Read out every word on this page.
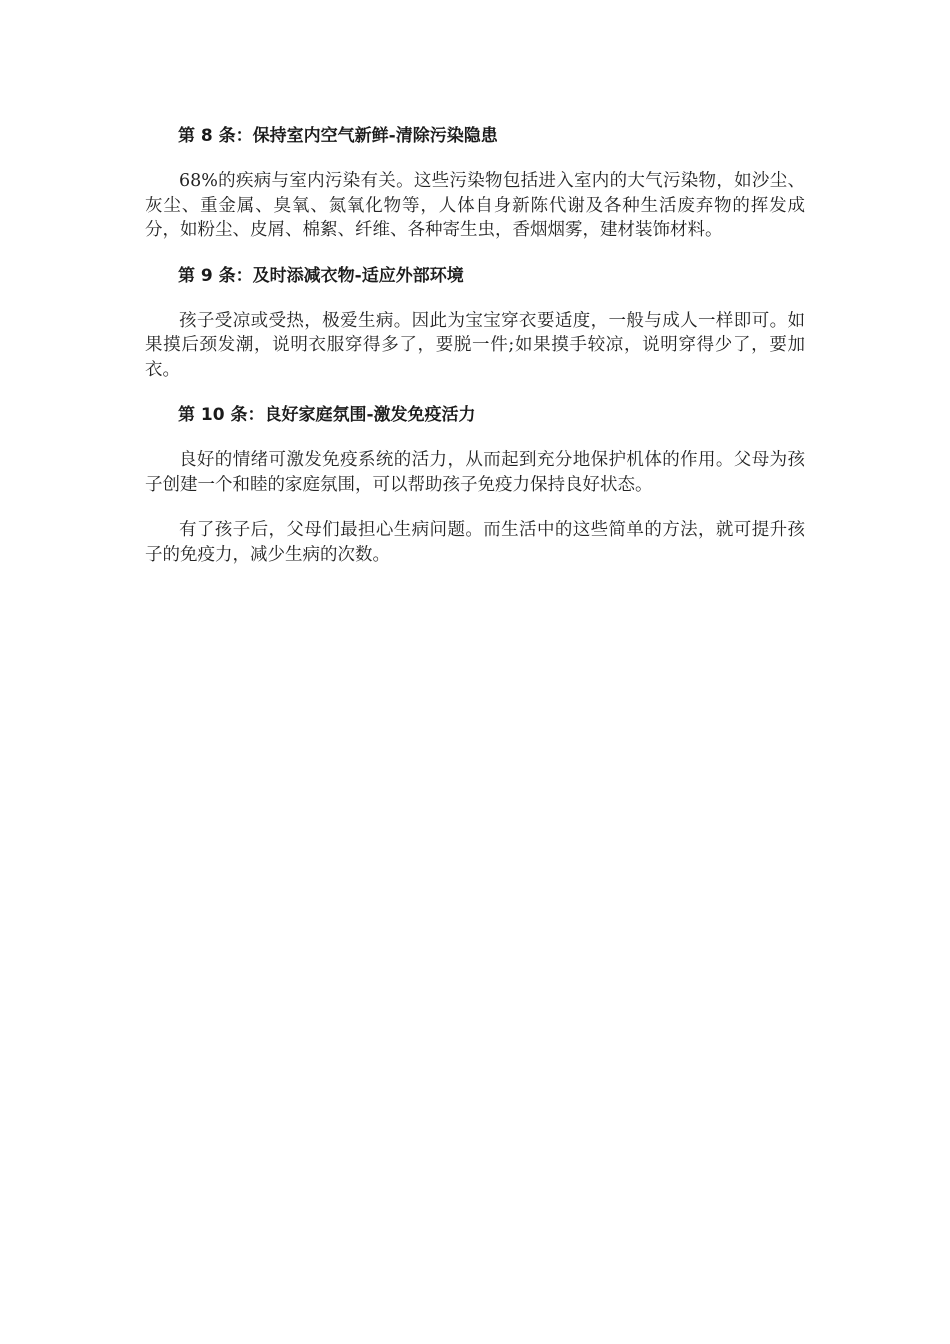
第 8 条：保持室内空气新鲜-清除污染隐患
68%的疾病与室内污染有关。这些污染物包括进入室内的大气污染物，如沙尘、灰尘、重金属、臭氧、氮氧化物等，人体自身新陈代谢及各种生活废弃物的挥发成分，如粉尘、皮屑、棉絮、纤维、各种寄生虫，香烟烟雾，建材装饰材料。
第 9 条：及时添减衣物-适应外部环境
孩子受凉或受热，极爱生病。因此为宝宝穿衣要适度，一般与成人一样即可。如果摸后颈发潮，说明衣服穿得多了，要脱一件;如果摸手较凉，说明穿得少了，要加衣。
第 10 条：良好家庭氛围-激发免疫活力
良好的情绪可激发免疫系统的活力，从而起到充分地保护机体的作用。父母为孩子创建一个和睦的家庭氛围，可以帮助孩子免疫力保持良好状态。
有了孩子后，父母们最担心生病问题。而生活中的这些简单的方法，就可提升孩子的免疫力，减少生病的次数。
